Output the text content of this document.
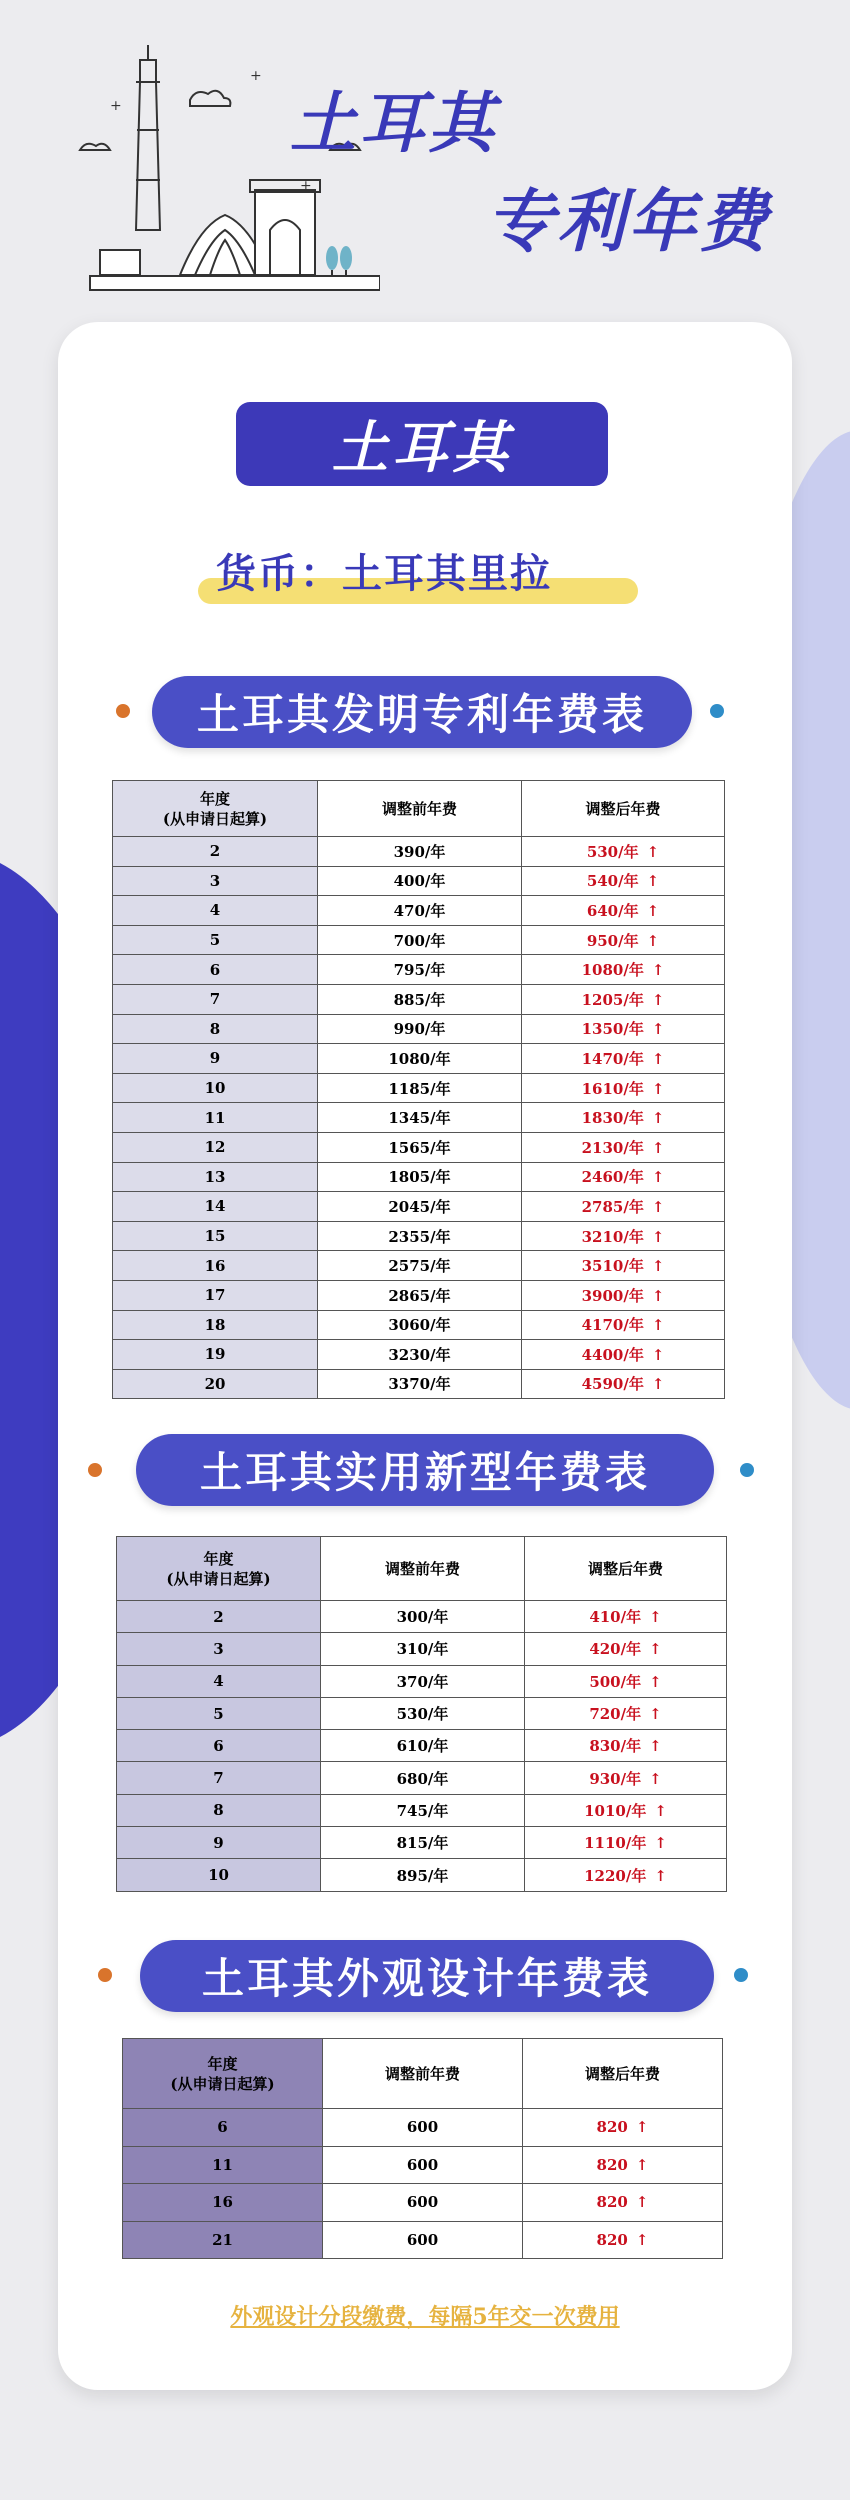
+
+
+
土耳其
专利年费
土耳其
货币：土耳其里拉
土耳其发明专利年费表
年度
(从申请日起算)	调整前年费	调整后年费
2	390/年	530/年 ↑
3	400/年	540/年 ↑
4	470/年	640/年 ↑
5	700/年	950/年 ↑
6	795/年	1080/年 ↑
7	885/年	1205/年 ↑
8	990/年	1350/年 ↑
9	1080/年	1470/年 ↑
10	1185/年	1610/年 ↑
11	1345/年	1830/年 ↑
12	1565/年	2130/年 ↑
13	1805/年	2460/年 ↑
14	2045/年	2785/年 ↑
15	2355/年	3210/年 ↑
16	2575/年	3510/年 ↑
17	2865/年	3900/年 ↑
18	3060/年	4170/年 ↑
19	3230/年	4400/年 ↑
20	3370/年	4590/年 ↑
土耳其实用新型年费表
年度
(从申请日起算)	调整前年费	调整后年费
2	300/年	410/年 ↑
3	310/年	420/年 ↑
4	370/年	500/年 ↑
5	530/年	720/年 ↑
6	610/年	830/年 ↑
7	680/年	930/年 ↑
8	745/年	1010/年 ↑
9	815/年	1110/年 ↑
10	895/年	1220/年 ↑
土耳其外观设计年费表
年度
(从申请日起算)	调整前年费	调整后年费
6	600	820 ↑
11	600	820 ↑
16	600	820 ↑
21	600	820 ↑
外观设计分段缴费，每隔5年交一次费用
